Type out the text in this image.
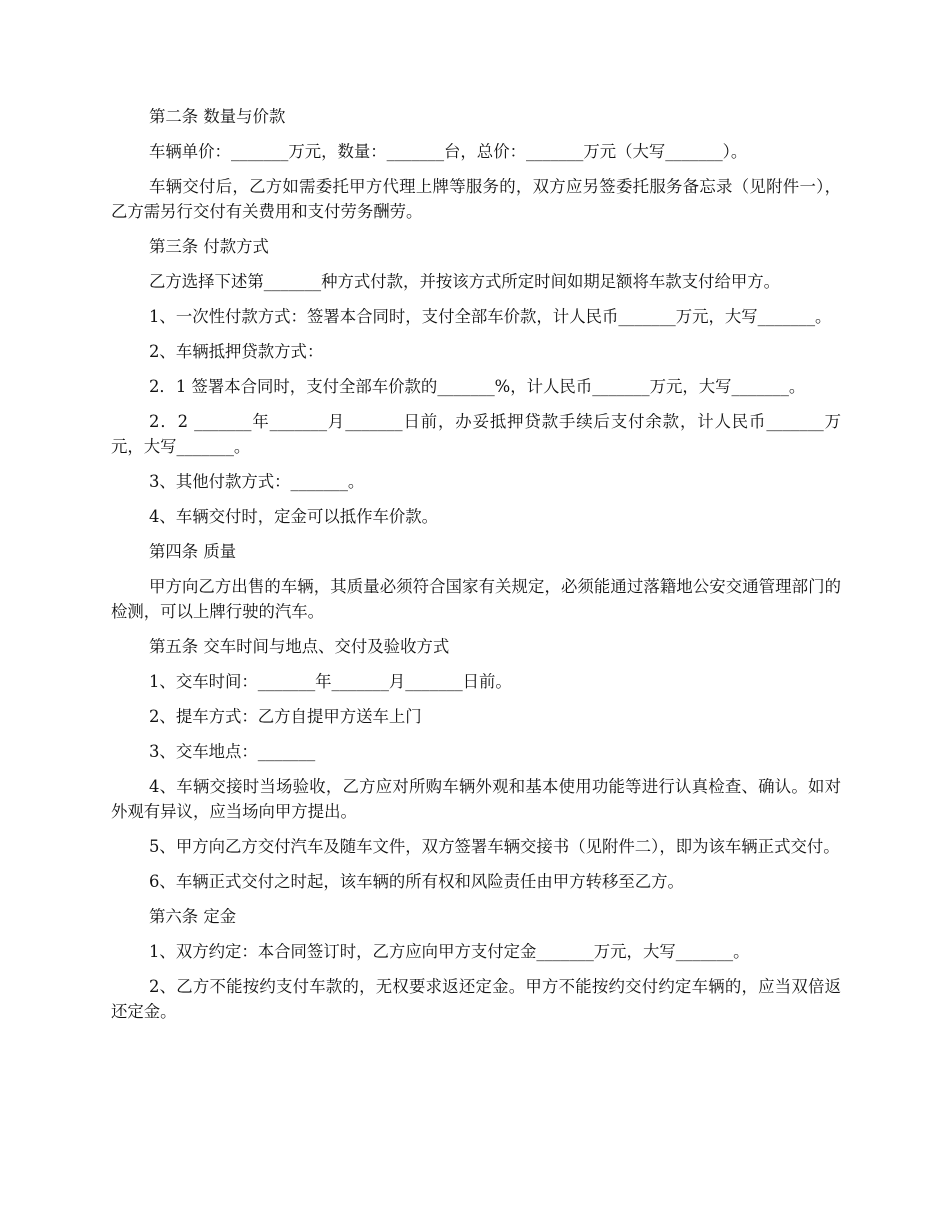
第二条 数量与价款

车辆单价：_______万元，数量：_______台，总价：_______万元（大写_______）。

车辆交付后，乙方如需委托甲方代理上牌等服务的，双方应另签委托服务备忘录（见附件一），乙方需另行交付有关费用和支付劳务酬劳。

第三条 付款方式

乙方选择下述第_______种方式付款，并按该方式所定时间如期足额将车款支付给甲方。

1、一次性付款方式：签署本合同时，支付全部车价款，计人民币_______万元，大写_______。

2、车辆抵押贷款方式：

2．1 签署本合同时，支付全部车价款的_______%，计人民币_______万元，大写_______。

2．2 _______年_______月_______日前，办妥抵押贷款手续后支付余款，计人民币_______万元，大写_______。

3、其他付款方式：_______。

4、车辆交付时，定金可以抵作车价款。

第四条 质量

甲方向乙方出售的车辆，其质量必须符合国家有关规定，必须能通过落籍地公安交通管理部门的检测，可以上牌行驶的汽车。

第五条 交车时间与地点、交付及验收方式

1、交车时间：_______年_______月_______日前。

2、提车方式：乙方自提甲方送车上门

3、交车地点：_______

4、车辆交接时当场验收，乙方应对所购车辆外观和基本使用功能等进行认真检查、确认。如对外观有异议，应当场向甲方提出。

5、甲方向乙方交付汽车及随车文件，双方签署车辆交接书（见附件二），即为该车辆正式交付。

6、车辆正式交付之时起，该车辆的所有权和风险责任由甲方转移至乙方。

第六条 定金

1、双方约定：本合同签订时，乙方应向甲方支付定金_______万元，大写_______。

2、乙方不能按约支付车款的，无权要求返还定金。甲方不能按约交付约定车辆的，应当双倍返还定金。
